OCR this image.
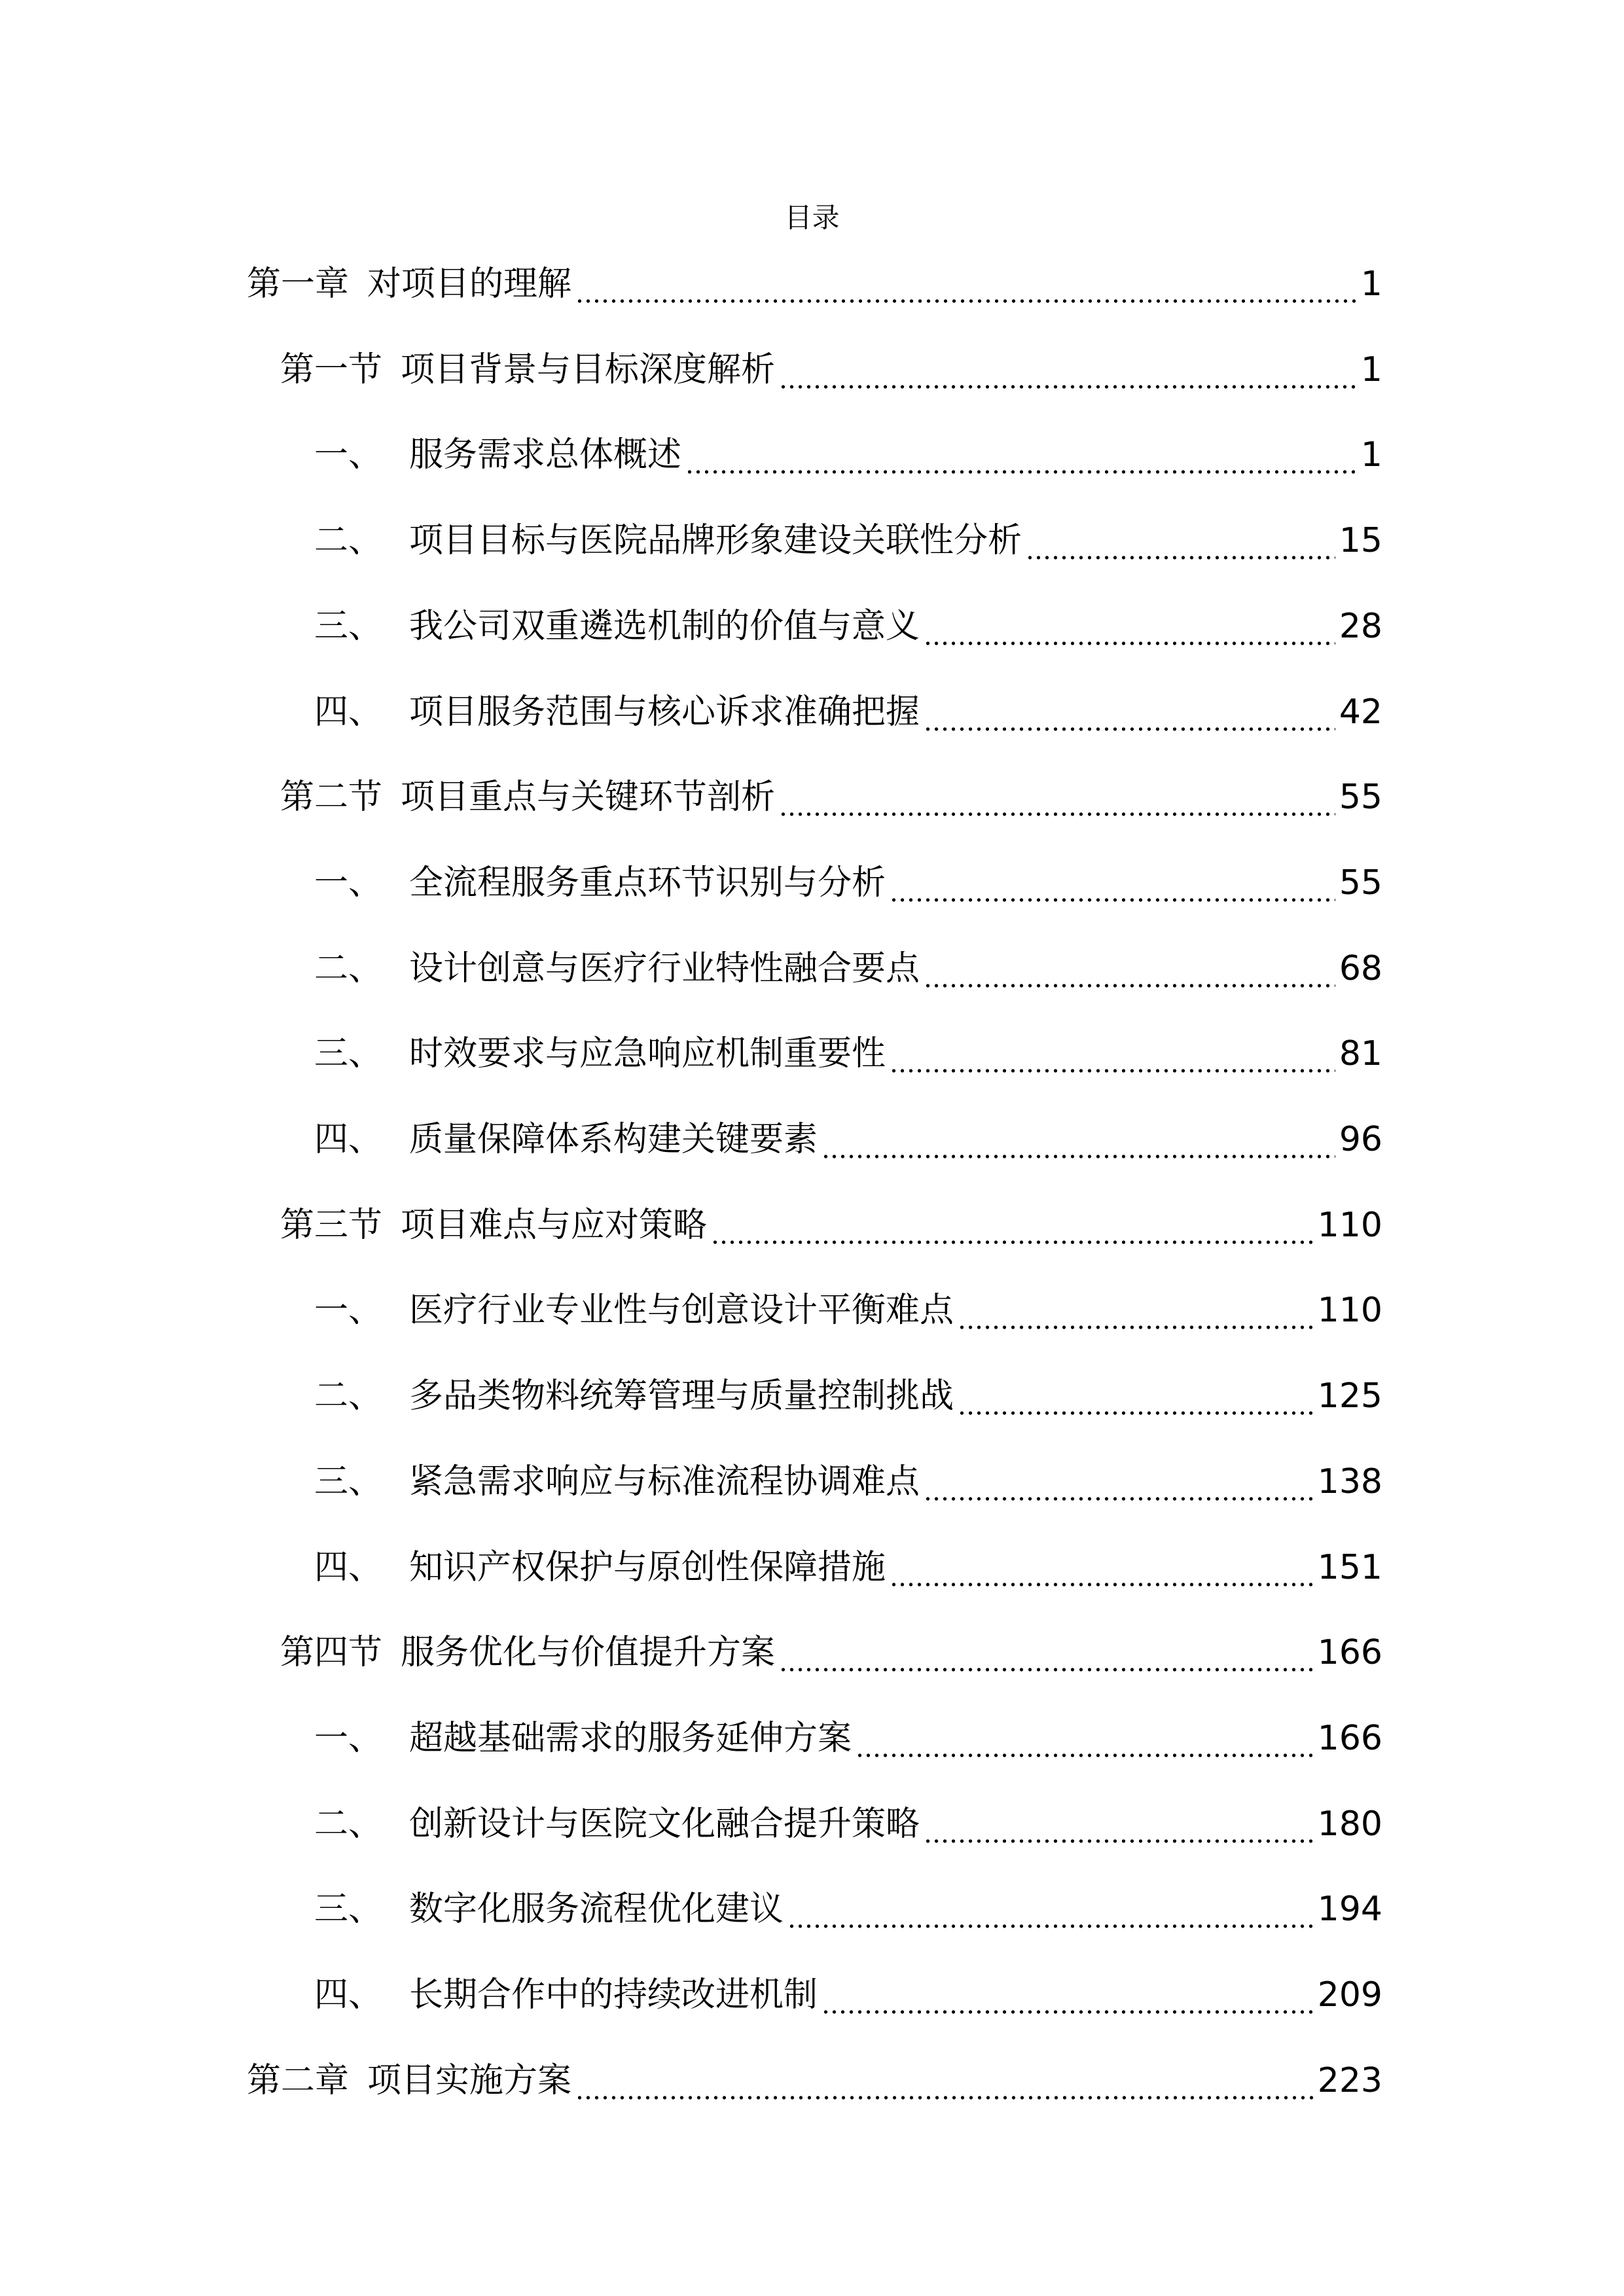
目录
第一章 对项目的理解	1
第一节 项目背景与目标深度解析	1
一、 服务需求总体概述	1
二、 项目目标与医院品牌形象建设关联性分析	15
三、 我公司双重遴选机制的价值与意义	28
四、 项目服务范围与核心诉求准确把握	42
第二节 项目重点与关键环节剖析	55
一、 全流程服务重点环节识别与分析	55
二、 设计创意与医疗行业特性融合要点	68
三、 时效要求与应急响应机制重要性	81
四、 质量保障体系构建关键要素	96
第三节 项目难点与应对策略	110
一、 医疗行业专业性与创意设计平衡难点	110
二、 多品类物料统筹管理与质量控制挑战	125
三、 紧急需求响应与标准流程协调难点	138
四、 知识产权保护与原创性保障措施	151
第四节 服务优化与价值提升方案	166
一、 超越基础需求的服务延伸方案	166
二、 创新设计与医院文化融合提升策略	180
三、 数字化服务流程优化建议	194
四、 长期合作中的持续改进机制	209
第二章 项目实施方案	223
